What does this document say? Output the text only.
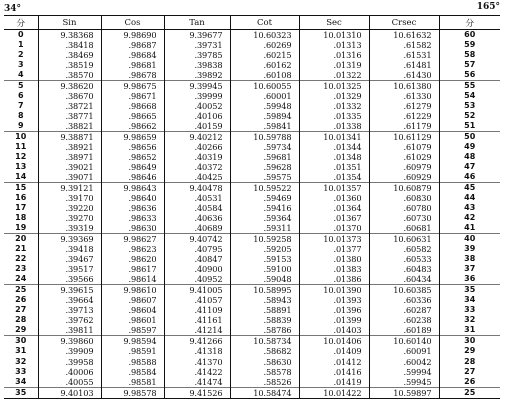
34°	165°
分	Sin	Cos	Tan	Cot	Sec	Crsec	分
0	9.38368	9.98690	9.39677	10.60323	10.01310	10.61632	60
1	.38418	.98687	.39731	.60269	.01313	.61582	59
2	.38469	.98684	.39785	.60215	.01316	.61531	58
3	.38519	.98681	.39838	.60162	.01319	.61481	57
4	.38570	.98678	.39892	.60108	.01322	.61430	56
5	9.38620	9.98675	9.39945	10.60055	10.01325	10.61380	55
6	.38670	.98671	.39999	.60001	.01329	.61330	54
7	.38721	.98668	.40052	.59948	.01332	.61279	53
8	.38771	.98665	.40106	.59894	.01335	.61229	52
9	.38821	.98662	.40159	.59841	.01338	.61179	51
10	9.38871	9.98659	9.40212	10.59788	10.01341	10.61129	50
11	.38921	.98656	.40266	.59734	.01344	.61079	49
12	.38971	.98652	.40319	.59681	.01348	.61029	48
13	.39021	.98649	.40372	.59628	.01351	.60979	47
14	.39071	.98646	.40425	.59575	.01354	.60929	46
15	9.39121	9.98643	9.40478	10.59522	10.01357	10.60879	45
16	.39170	.98640	.40531	.59469	.01360	.60830	44
17	.39220	.98636	.40584	.59416	.01364	.60780	43
18	.39270	.98633	.40636	.59364	.01367	.60730	42
19	.39319	.98630	.40689	.59311	.01370	.60681	41
20	9.39369	9.98627	9.40742	10.59258	10.01373	10.60631	40
21	.39418	.98623	.40795	.59205	.01377	.60582	39
22	.39467	.98620	.40847	.59153	.01380	.60533	38
23	.39517	.98617	.40900	.59100	.01383	.60483	37
24	.39566	.98614	.40952	.59048	.01386	.60434	36
25	9.39615	9.98610	9.41005	10.58995	10.01390	10.60385	35
26	.39664	.98607	.41057	.58943	.01393	.60336	34
27	.39713	.98604	.41109	.58891	.01396	.60287	33
28	.39762	.98601	.41161	.58839	.01399	.60238	32
29	.39811	.98597	.41214	.58786	.01403	.60189	31
30	9.39860	9.98594	9.41266	10.58734	10.01406	10.60140	30
31	.39909	.98591	.41318	.58682	.01409	.60091	29
32	.39958	.98588	.41370	.58630	.01412	.60042	28
33	.40006	.98584	.41422	.58578	.01416	.59994	27
34	.40055	.98581	.41474	.58526	.01419	.59945	26
35	9.40103	9.98578	9.41526	10.58474	10.01422	10.59897	25
